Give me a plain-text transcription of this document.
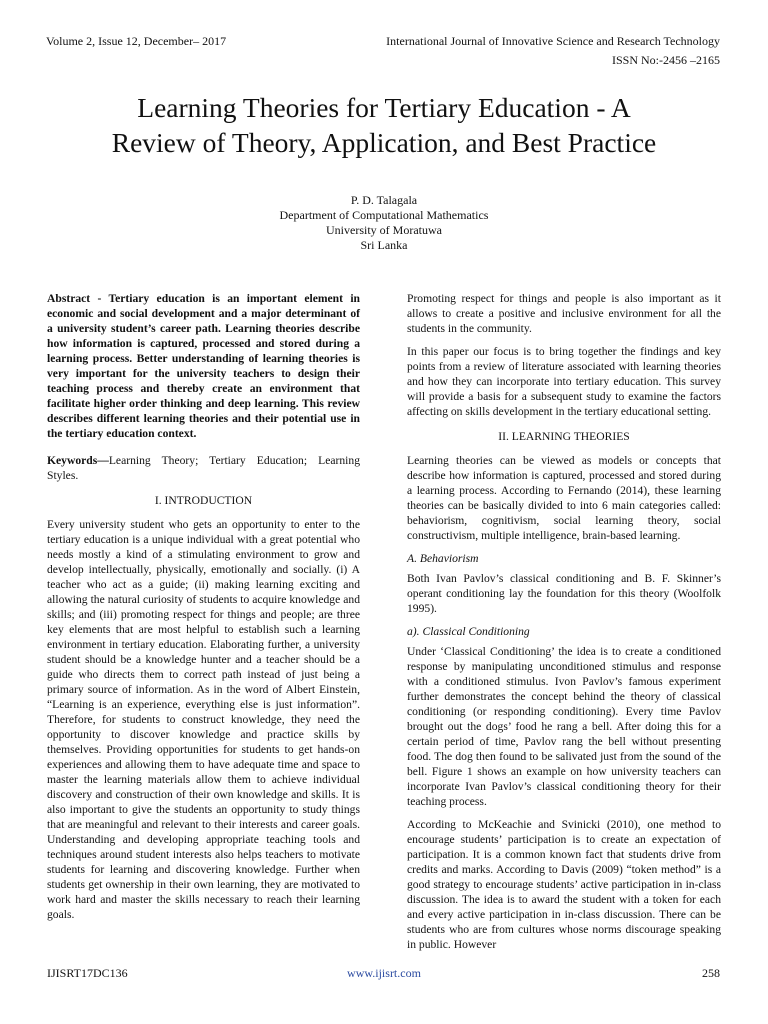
Volume 2, Issue 12, December– 2017	International Journal of Innovative Science and Research Technology
ISSN No:-2456 –2165
Learning Theories for Tertiary Education - A
Review of Theory, Application, and Best Practice
P. D. Talagala
Department of Computational Mathematics
University of Moratuwa
Sri Lanka

Abstract - Tertiary education is an important element in economic and social development and a major determinant of a university student’s career path. Learning theories describe how information is captured, processed and stored during a learning process. Better understanding of learning theories is very important for the university teachers to design their teaching process and thereby create an environment that facilitate higher order thinking and deep learning. This review describes different learning theories and their potential use in the tertiary education context.

Keywords—Learning Theory; Tertiary Education; Learning Styles.

I. INTRODUCTION

Every university student who gets an opportunity to enter to the tertiary education is a unique individual with a great potential who needs mostly a kind of a stimulating environment to grow and develop intellectually, physically, emotionally and socially. (i) A teacher who act as a guide; (ii) making learning exciting and allowing the natural curiosity of students to acquire knowledge and skills; and (iii) promoting respect for things and people; are three key elements that are most helpful to establish such a learning environment in tertiary education. Elaborating further, a university student should be a knowledge hunter and a teacher should be a guide who directs them to correct path instead of just being a primary source of information. As in the word of Albert Einstein, “Learning is an experience, everything else is just information”. Therefore, for students to construct knowledge, they need the opportunity to discover knowledge and practice skills by themselves. Providing opportunities for students to get hands-on experiences and allowing them to have adequate time and space to master the learning materials allow them to achieve individual discovery and construction of their own knowledge and skills. It is also important to give the students an opportunity to study things that are meaningful and relevant to their interests and career goals. Understanding and developing appropriate teaching tools and techniques around student interests also helps teachers to motivate students for learning and discovering knowledge. Further when students get ownership in their own learning, they are motivated to work hard and master the skills necessary to reach their learning goals.

Promoting respect for things and people is also important as it allows to create a positive and inclusive environment for all the students in the community.

In this paper our focus is to bring together the findings and key points from a review of literature associated with learning theories and how they can incorporate into tertiary education. This survey will provide a basis for a subsequent study to examine the factors affecting on skills development in the tertiary educational setting.

II. LEARNING THEORIES

Learning theories can be viewed as models or concepts that describe how information is captured, processed and stored during a learning process. According to Fernando (2014), these learning theories can be basically divided to into 6 main categories called: behaviorism, cognitivism, social learning theory, social constructivism, multiple intelligence, brain-based learning.

A. Behaviorism

Both Ivan Pavlov’s classical conditioning and B. F. Skinner’s operant conditioning lay the foundation for this theory (Woolfolk 1995).

a). Classical Conditioning

Under ‘Classical Conditioning’ the idea is to create a conditioned response by manipulating unconditioned stimulus and response with a conditioned stimulus. Ivon Pavlov’s famous experiment further demonstrates the concept behind the theory of classical conditioning (or responding conditioning). Every time Pavlov brought out the dogs’ food he rang a bell. After doing this for a certain period of time, Pavlov rang the bell without presenting food. The dog then found to be salivated just from the sound of the bell. Figure 1 shows an example on how university teachers can incorporate Ivan Pavlov’s classical conditioning theory for their teaching process.

According to McKeachie and Svinicki (2010), one method to encourage students’ participation is to create an expectation of participation. It is a common known fact that students drive from credits and marks. According to Davis (2009) “token method” is a good strategy to encourage students’ active participation in in-class discussion. The idea is to award the student with a token for each and every active participation in in-class discussion. There can be students who are from cultures whose norms discourage speaking in public. However

IJISRT17DC136	www.ijisrt.com	258
